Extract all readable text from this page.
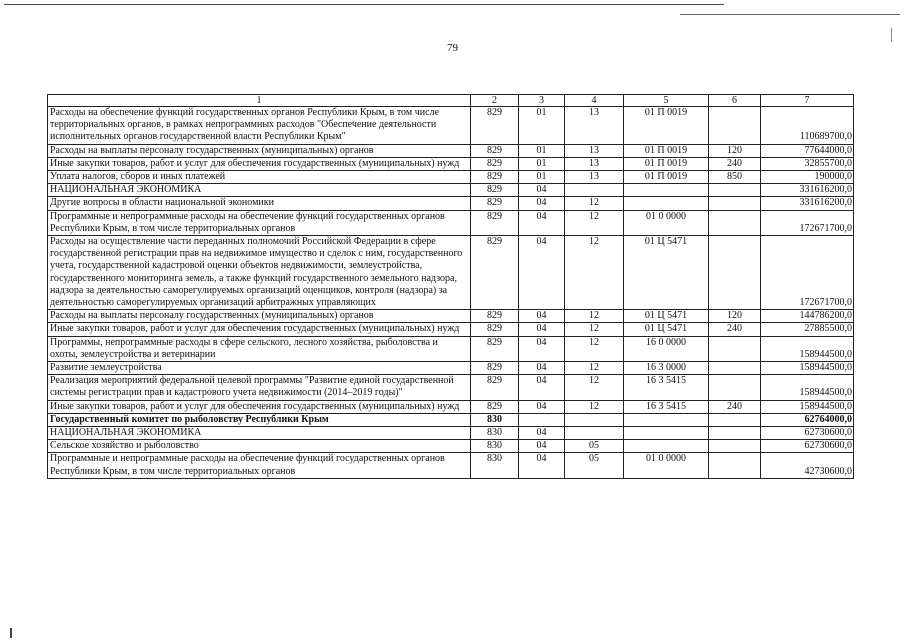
79
1	2	3	4	5	6	7
Расходы на обеспечение функций государственных органов Республики Крым, в том числе территориальных органов, в рамках непрограммных расходов "Обеспечение деятельности исполнительных органов государственной власти Республики Крым"	829	01	13	01 П 0019		110689700,0
Расходы на выплаты персоналу государственных (муниципальных) органов	829	01	13	01 П 0019	120	77644000,0
Иные закупки товаров, работ и услуг для обеспечения государственных (муниципальных) нужд	829	01	13	01 П 0019	240	32855700,0
Уплата налогов, сборов и иных платежей	829	01	13	01 П 0019	850	190000,0
НАЦИОНАЛЬНАЯ ЭКОНОМИКА	829	04				331616200,0
Другие вопросы в области национальной экономики	829	04	12			331616200,0
Программные и непрограммные расходы на обеспечение функций государственных органов Республики Крым, в том числе территориальных органов	829	04	12	01 0 0000		172671700,0
Расходы на осуществление части переданных полномочий Российской Федерации в сфере государственной регистрации прав на недвижимое имущество и сделок с ним, государственного учета, государственной кадастровой оценки объектов недвижимости, землеустройства, государственного мониторинга земель, а также функций государственного земельного надзора, надзора за деятельностью саморегулируемых организаций оценщиков, контроля (надзора) за деятельностью саморегулируемых организаций арбитражных управляющих	829	04	12	01 Ц 5471		172671700,0
Расходы на выплаты персоналу государственных (муниципальных) органов	829	04	12	01 Ц 5471	120	144786200,0
Иные закупки товаров, работ и услуг для обеспечения государственных (муниципальных) нужд	829	04	12	01 Ц 5471	240	27885500,0
Программы, непрограммные расходы в сфере сельского, лесного хозяйства, рыболовства и охоты, землеустройства и ветеринарии	829	04	12	16 0 0000		158944500,0
Развитие землеустройства	829	04	12	16 3 0000		158944500,0
Реализация мероприятий федеральной целевой программы "Развитие единой государственной системы регистрации прав и кадастрового учета недвижимости (2014–2019 годы)"	829	04	12	16 3 5415		158944500,0
Иные закупки товаров, работ и услуг для обеспечения государственных (муниципальных) нужд	829	04	12	16 3 5415	240	158944500,0
Государственный комитет по рыболовству Республики Крым	830					62764000,0
НАЦИОНАЛЬНАЯ ЭКОНОМИКА	830	04				62730600,0
Сельское хозяйство и рыболовство	830	04	05			62730600,0
Программные и непрограммные расходы на обеспечение функций государственных органов Республики Крым, в том числе территориальных органов	830	04	05	01 0 0000		42730600,0
